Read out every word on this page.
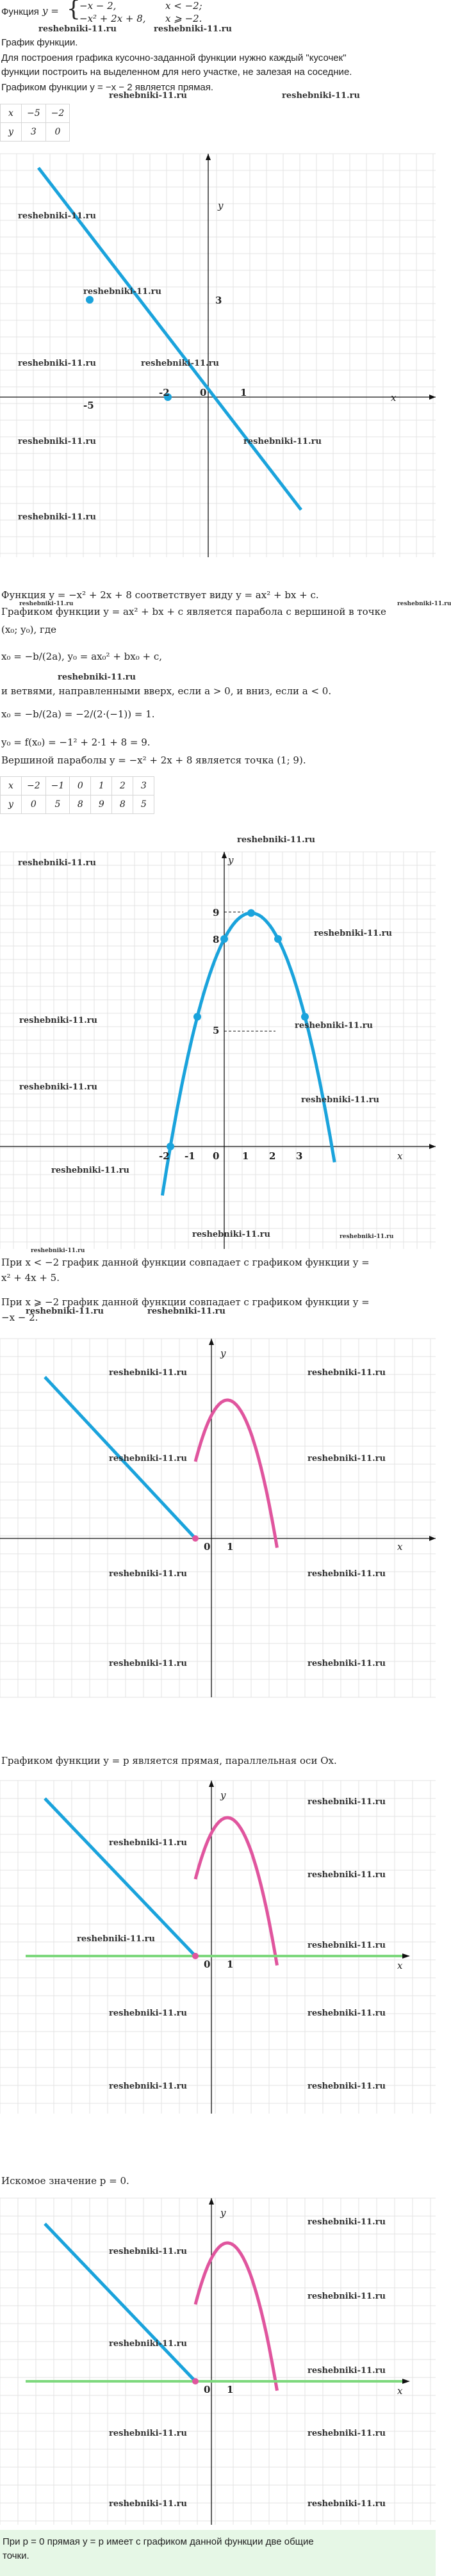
Функция y = {
−x − 2,	x < −2;
−x² + 2x + 8, x ⩾ −2.
reshebniki-11.ru	reshebniki-11.ru
График функции.
Для построения графика кусочно-заданной функции нужно каждый "кусочек"
функции построить на выделенном для него участке, не залезая на соседние.
Графиком функции y = −x − 2 является прямая.
reshebniki-11.ru	reshebniki-11.ru
x	−5	−2
y	3	0
x
y
3
-5
-2	0	1
reshebniki-11.ru
reshebniki-11.ru
reshebniki-11.ru	reshebniki-11.ru
reshebniki-11.ru	reshebniki-11.ru
reshebniki-11.ru
Функция y = −x² + 2x + 8 соответствует виду y = ax² + bx + c.
reshebniki-11.ru	reshebniki-11.ru
Графиком функции y = ax² + bx + c является парабола с вершиной в точке
(x₀; y₀), где
x₀ = −b/(2a), y₀ = ax₀² + bx₀ + c,
reshebniki-11.ru
и ветвями, направленными вверх, если a > 0, и вниз, если a < 0.
x₀ = −b/(2a) = −2/(2·(−1)) = 1.
y₀ = f(x₀) = −1² + 2·1 + 8 = 9.
Вершиной параболы y = −x² + 2x + 8 является точка (1; 9).
x	−2	−1	0	1	2	3
y	0	5	8	9	8	5
reshebniki-11.ru
y
x
9
8
5
-2 -1 0 1 2 3
reshebniki-11.ru
reshebniki-11.ru
reshebniki-11.ru
reshebniki-11.ru
reshebniki-11.ru
reshebniki-11.ru
reshebniki-11.ru
reshebniki-11.ru	reshebniki-11.ru
reshebniki-11.ru
При x < −2 график данной функции совпадает с графиком функции y =
x² + 4x + 5.
При x ⩾ −2 график данной функции совпадает с графиком функции y =
−x − 2.
reshebniki-11.ru	reshebniki-11.ru
y
x
0 1
reshebniki-11.ru	reshebniki-11.ru
reshebniki-11.ru	reshebniki-11.ru
reshebniki-11.ru	reshebniki-11.ru
reshebniki-11.ru	reshebniki-11.ru
Графиком функции y = p является прямая, параллельная оси Ox.
y
x
0 1
reshebniki-11.ru
reshebniki-11.ru
reshebniki-11.ru
reshebniki-11.ru
reshebniki-11.ru
reshebniki-11.ru	reshebniki-11.ru
reshebniki-11.ru	reshebniki-11.ru
Искомое значение p = 0.
y
x
0 1
reshebniki-11.ru
reshebniki-11.ru
reshebniki-11.ru
reshebniki-11.ru
reshebniki-11.ru
reshebniki-11.ru	reshebniki-11.ru
reshebniki-11.ru	reshebniki-11.ru

При p = 0 прямая y = p имеет с графиком данной функции две общие
точки.
